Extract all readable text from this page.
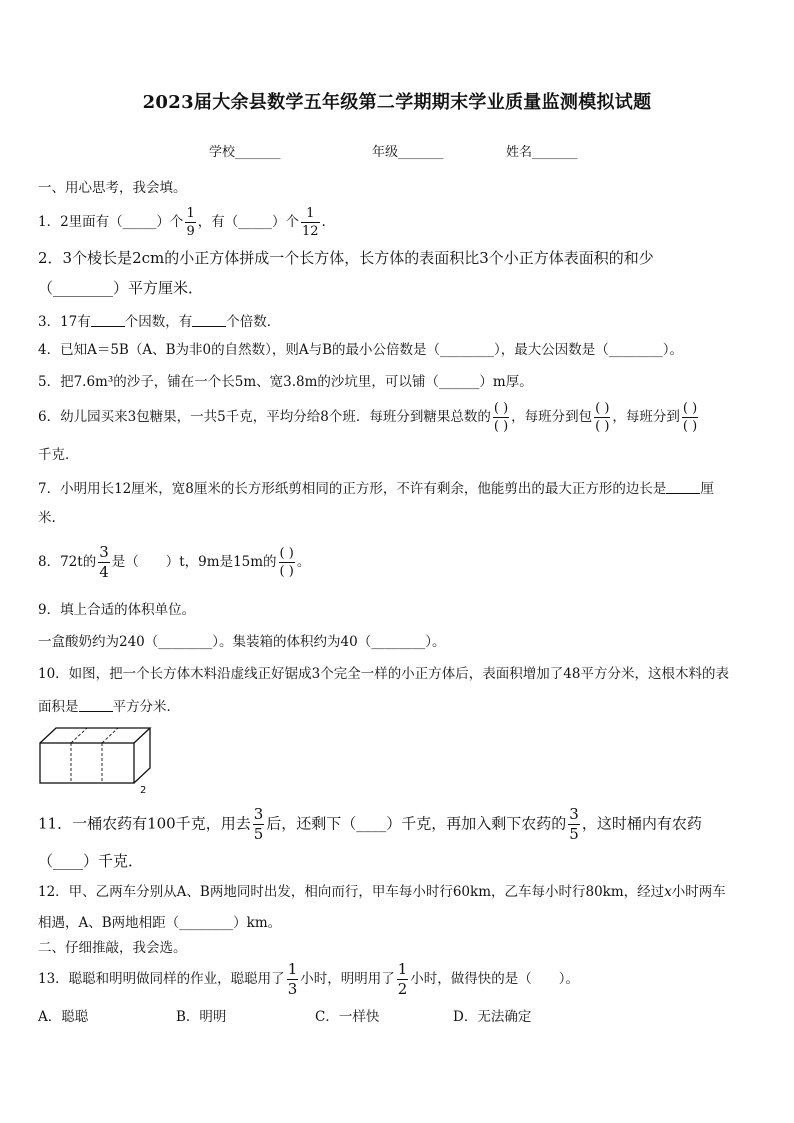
2023届大余县数学五年级第二学期期末学业质量监测模拟试题
学校_______	年级_______	姓名_______
一、用心思考，我会填。
1．2里面有（_____）个 $\frac{1}{9}$ ，有（_____）个 $\frac{1}{12}$ .
2．3个棱长是2cm的小正方体拼成一个长方体，长方体的表面积比3个小正方体表面积的和少
（________）平方厘米．
3．17有	个因数，有	个倍数．
4．已知A＝5B（A、B为非0的自然数），则A与B的最小公倍数是（________），最大公因数是（________）。
5．把7.6m³的沙子，铺在一个长5m、宽3.8m的沙坑里，可以铺（______）m厚。
6．幼儿园买来3包糖果，一共5千克，平均分给8个班．每班分到糖果总数的 $\frac{( )}{( )}$ ，每班分到包 $\frac{( )}{( )}$ ，每班分到 $\frac{( )}{( )}$
千克．
7．小明用长12厘米，宽8厘米的长方形纸剪相同的正方形，不许有剩余，他能剪出的最大正方形的边长是	厘
米.
8．72t的 $\frac{3}{4}$ 是（　　）t，9m是15m的 $\frac{( )}{( )}$ 。
9．填上合适的体积单位。
一盒酸奶约为240（________）。集装箱的体积约为40（________）。
10．如图，把一个长方体木料沿虚线正好锯成3个完全一样的小正方体后，表面积增加了48平方分米，这根木料的表
面积是	平方分米．
2
11．一桶农药有100千克，用去 $\frac{3}{5}$ 后，还剩下（____）千克，再加入剩下农药的 $\frac{3}{5}$ ，这时桶内有农药
（____）千克．
12．甲、乙两车分别从A、B两地同时出发，相向而行，甲车每小时行60km，乙车每小时行80km，经过x小时两车
相遇，A、B两地相距（________）km。
二、仔细推敲，我会选。
13．聪聪和明明做同样的作业，聪聪用了 $\frac{1}{3}$ 小时，明明用了 $\frac{1}{2}$ 小时，做得快的是（　　）。
A．聪聪	B．明明	C．一样快	D．无法确定
